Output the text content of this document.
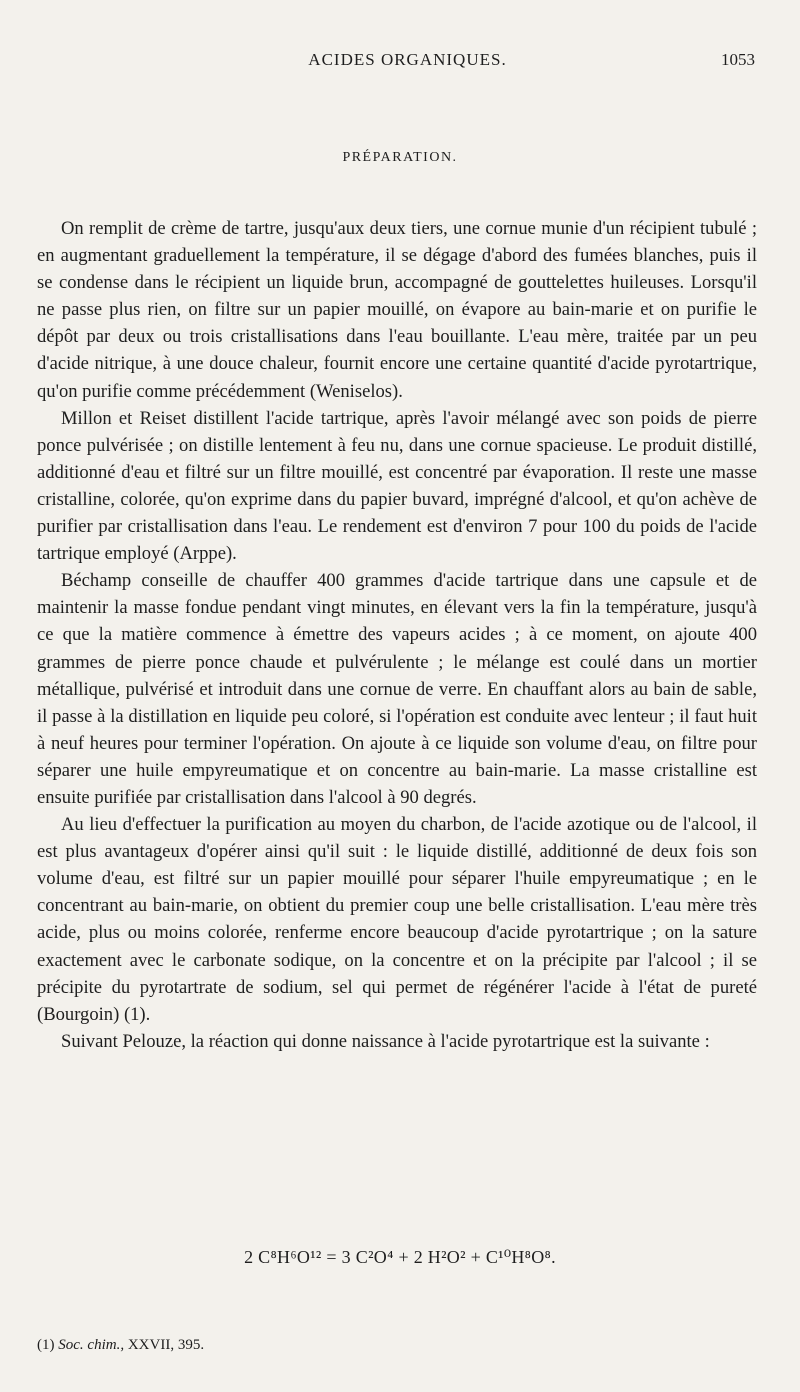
ACIDES ORGANIQUES.	1053
PRÉPARATION.

On remplit de crème de tartre, jusqu'aux deux tiers, une cornue munie d'un récipient tubulé ; en augmentant graduellement la température, il se dégage d'abord des fumées blanches, puis il se condense dans le récipient un liquide brun, accompagné de gouttelettes huileuses. Lorsqu'il ne passe plus rien, on filtre sur un papier mouillé, on évapore au bain-marie et on purifie le dépôt par deux ou trois cristallisations dans l'eau bouillante. L'eau mère, traitée par un peu d'acide nitrique, à une douce chaleur, fournit encore une certaine quantité d'acide pyrotartrique, qu'on purifie comme précédemment (Weniselos).

Millon et Reiset distillent l'acide tartrique, après l'avoir mélangé avec son poids de pierre ponce pulvérisée ; on distille lentement à feu nu, dans une cornue spacieuse. Le produit distillé, additionné d'eau et filtré sur un filtre mouillé, est concentré par évaporation. Il reste une masse cristalline, colorée, qu'on exprime dans du papier buvard, imprégné d'alcool, et qu'on achève de purifier par cristallisation dans l'eau. Le rendement est d'environ 7 pour 100 du poids de l'acide tartrique employé (Arppe).

Béchamp conseille de chauffer 400 grammes d'acide tartrique dans une capsule et de maintenir la masse fondue pendant vingt minutes, en élevant vers la fin la température, jusqu'à ce que la matière commence à émettre des vapeurs acides ; à ce moment, on ajoute 400 grammes de pierre ponce chaude et pulvérulente ; le mélange est coulé dans un mortier métallique, pulvérisé et introduit dans une cornue de verre. En chauffant alors au bain de sable, il passe à la distillation en liquide peu coloré, si l'opération est conduite avec lenteur ; il faut huit à neuf heures pour terminer l'opération. On ajoute à ce liquide son volume d'eau, on filtre pour séparer une huile empyreumatique et on concentre au bain-marie. La masse cristalline est ensuite purifiée par cristallisation dans l'alcool à 90 degrés.

Au lieu d'effectuer la purification au moyen du charbon, de l'acide azotique ou de l'alcool, il est plus avantageux d'opérer ainsi qu'il suit : le liquide distillé, additionné de deux fois son volume d'eau, est filtré sur un papier mouillé pour séparer l'huile empyreumatique ; en le concentrant au bain-marie, on obtient du premier coup une belle cristallisation. L'eau mère très acide, plus ou moins colorée, renferme encore beaucoup d'acide pyrotartrique ; on la sature exactement avec le carbonate sodique, on la concentre et on la précipite par l'alcool ; il se précipite du pyrotartrate de sodium, sel qui permet de régénérer l'acide à l'état de pureté (Bourgoin) (1).

Suivant Pelouze, la réaction qui donne naissance à l'acide pyrotartrique est la suivante :

2 C⁸H⁶O¹² = 3 C²O⁴ + 2 H²O² + C¹⁰H⁸O⁸.
(1) Soc. chim., XXVII, 395.
